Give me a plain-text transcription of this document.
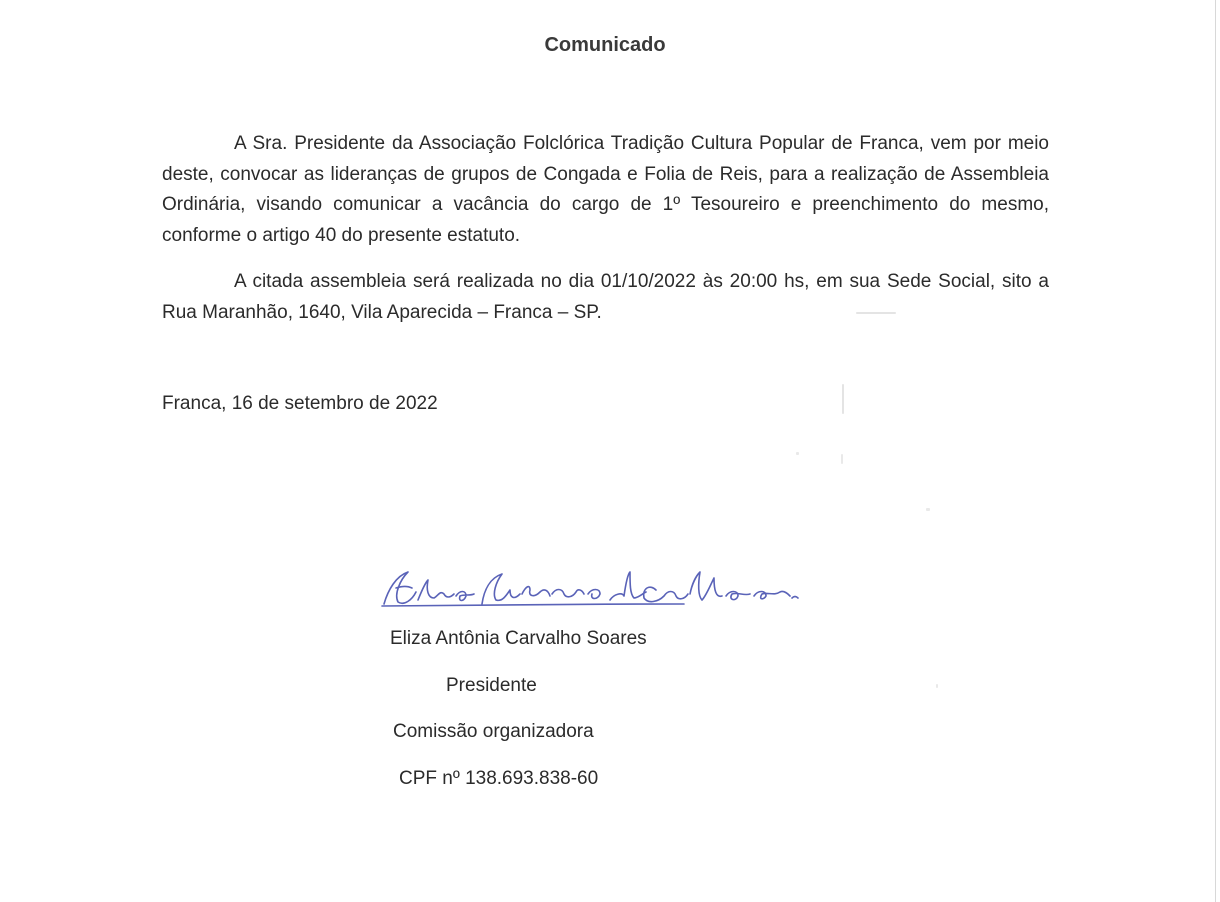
Comunicado

A Sra. Presidente da Associação Folclórica Tradição Cultura Popular de Franca, vem por meio deste, convocar as lideranças de grupos de Congada e Folia de Reis, para a realização de Assembleia Ordinária, visando comunicar a vacância do cargo de 1º Tesoureiro e preenchimento do mesmo, conforme o artigo 40 do presente estatuto.

A citada assembleia será realizada no dia 01/10/2022 às 20:00 hs, em sua Sede Social, sito a Rua Maranhão, 1640, Vila Aparecida – Franca – SP.

Franca, 16 de setembro de 2022

Eliza Antônia Carvalho Soares

Presidente

Comissão organizadora

CPF nº 138.693.838-60
